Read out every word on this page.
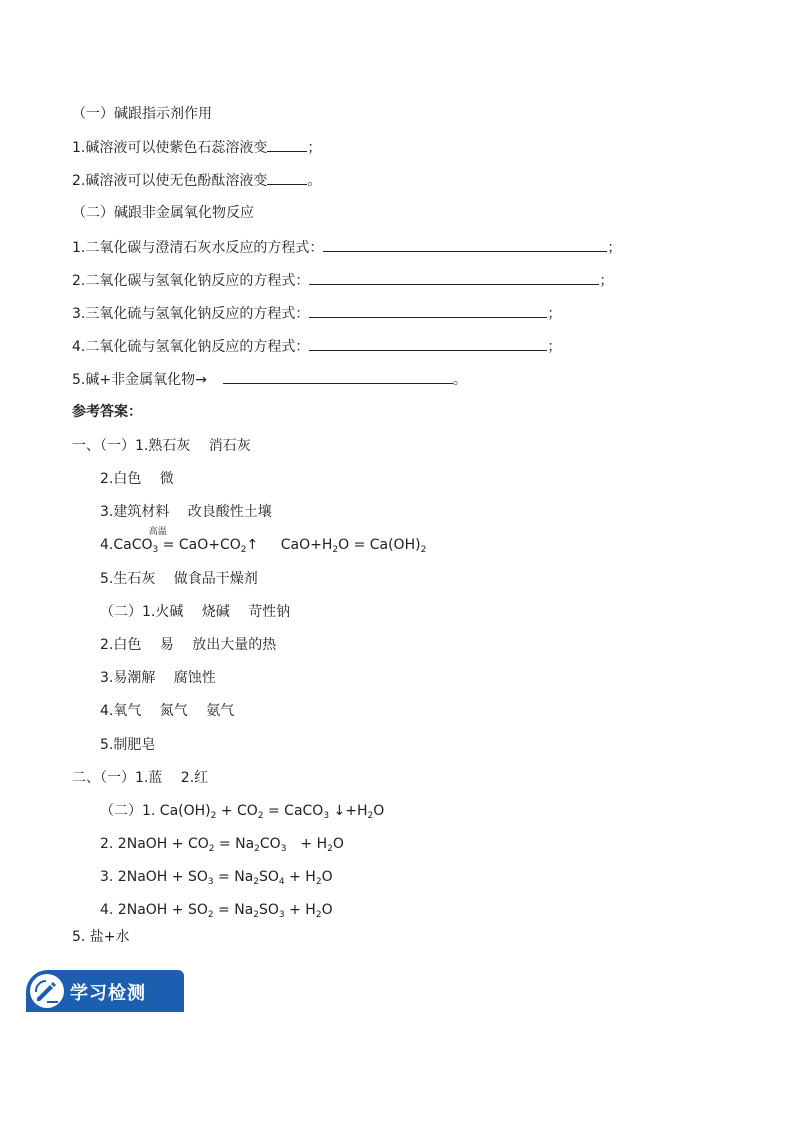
（一）碱跟指示剂作用
1.碱溶液可以使紫色石蕊溶液变	；
2.碱溶液可以使无色酚酞溶液变	。
（二）碱跟非金属氧化物反应
1.二氧化碳与澄清石灰水反应的方程式：	；
2.二氧化碳与氢氧化钠反应的方程式：	；
3.三氧化硫与氢氧化钠反应的方程式：	；
4.二氧化硫与氢氧化钠反应的方程式：	；
5.碱+非金属氧化物→	。
参考答案：
一、（一）1.熟石灰　 消石灰
2.白色　 微
3.建筑材料　 改良酸性土壤
4.CaCO$_3$
高温
= $CaO+CO_2↑$ $CaO+H_2O = Ca(OH)_2$
5.生石灰　 做食品干燥剂
（二）1.火碱　 烧碱　 苛性钠
2.白色　 易　 放出大量的热
3.易潮解　 腐蚀性
4.氧气　 氮气　 氨气
5.制肥皂
二、（一）1.蓝　 2.红
（二）1. $Ca(OH)_2 + CO_2$ = CaCO$_3$ $↓+H_2O$
2. 2NaOH + $CO_2 = Na_2CO_3$　+ $H_2O$
3. 2NaOH + $SO_3 = Na_2SO_4 + H_2O$
4. 2NaOH + $SO_2 = Na_2SO_3 + H_2O$
5. 盐+水
学习检测
